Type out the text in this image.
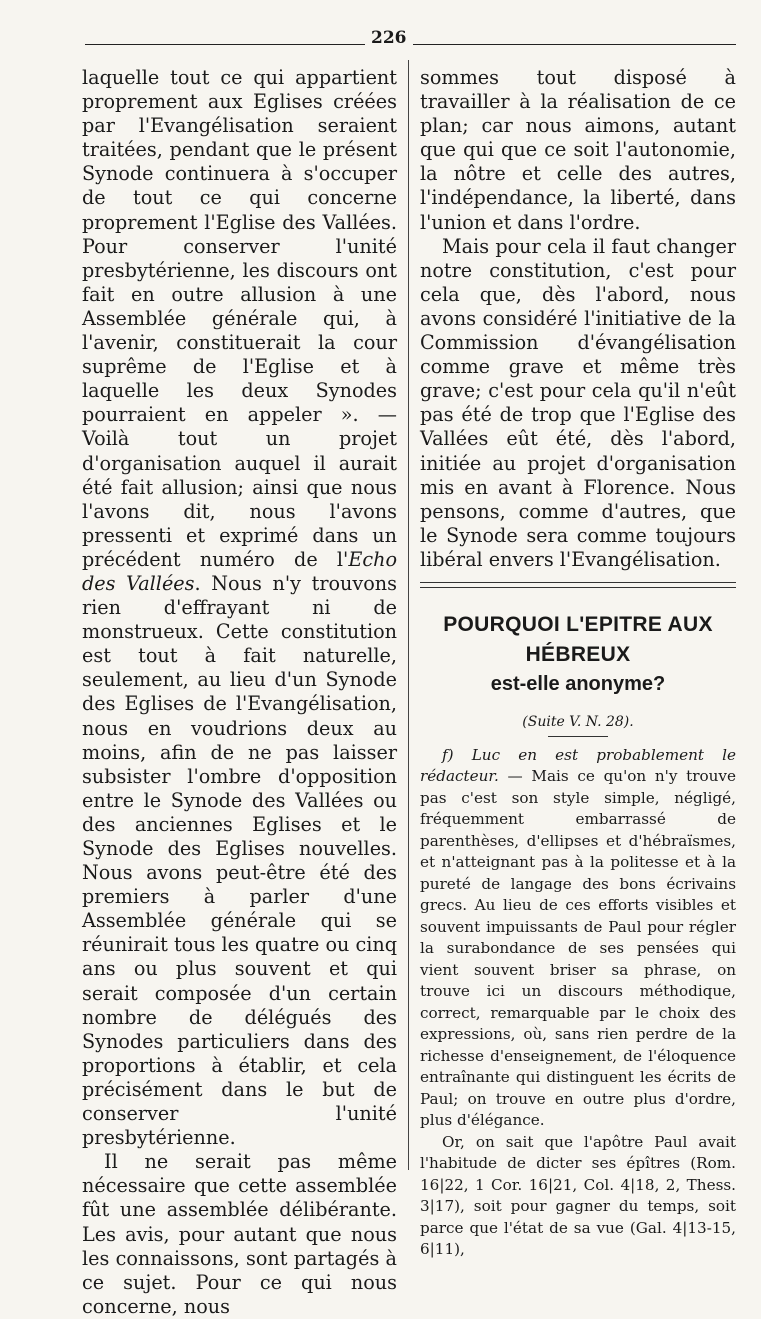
226

laquelle tout ce qui appartient proprement aux Eglises créées par l'Evangélisation seraient traitées, pendant que le présent Synode continuera à s'occuper de tout ce qui concerne proprement l'Eglise des Vallées. Pour conserver l'unité presbytérienne, les discours ont fait en outre allusion à une Assemblée générale qui, à l'avenir, constituerait la cour suprême de l'Eglise et à laquelle les deux Synodes pourraient en appeler ». — Voilà tout un projet d'organisation auquel il aurait été fait allusion; ainsi que nous l'avons dit, nous l'avons pressenti et exprimé dans un précédent numéro de l'Echo des Vallées. Nous n'y trouvons rien d'effrayant ni de monstrueux. Cette constitution est tout à fait naturelle, seulement, au lieu d'un Synode des Eglises de l'Evangélisation, nous en voudrions deux au moins, afin de ne pas laisser subsister l'ombre d'opposition entre le Synode des Vallées ou des anciennes Eglises et le Synode des Eglises nouvelles. Nous avons peut-être été des premiers à parler d'une Assemblée générale qui se réunirait tous les quatre ou cinq ans ou plus souvent et qui serait composée d'un certain nombre de délégués des Synodes particuliers dans des proportions à établir, et cela précisément dans le but de conserver l'unité presbytérienne.

Il ne serait pas même nécessaire que cette assemblée fût une assemblée délibérante. Les avis, pour autant que nous les connaissons, sont partagés à ce sujet. Pour ce qui nous concerne, nous

sommes tout disposé à travailler à la réalisation de ce plan; car nous aimons, autant que qui que ce soit l'autonomie, la nôtre et celle des autres, l'indépendance, la liberté, dans l'union et dans l'ordre.

Mais pour cela il faut changer notre constitution, c'est pour cela que, dès l'abord, nous avons considéré l'initiative de la Commission d'évangélisation comme grave et même très grave; c'est pour cela qu'il n'eût pas été de trop que l'Eglise des Vallées eût été, dès l'abord, initiée au projet d'organisation mis en avant à Florence. Nous pensons, comme d'autres, que le Synode sera comme toujours libéral envers l'Evangélisation.

POURQUOI L'EPITRE AUX HÉBREUX
est-elle anonyme?
(Suite V. N. 28).

f) Luc en est probablement le rédacteur. — Mais ce qu'on n'y trouve pas c'est son style simple, négligé, fréquemment embarrassé de parenthèses, d'ellipses et d'hébraïsmes, et n'atteignant pas à la politesse et à la pureté de langage des bons écrivains grecs. Au lieu de ces efforts visibles et souvent impuissants de Paul pour régler la surabondance de ses pensées qui vient souvent briser sa phrase, on trouve ici un discours méthodique, correct, remarquable par le choix des expressions, où, sans rien perdre de la richesse d'enseignement, de l'éloquence entraînante qui distinguent les écrits de Paul; on trouve en outre plus d'ordre, plus d'élégance.

Or, on sait que l'apôtre Paul avait l'habitude de dicter ses épîtres (Rom. 16|22, 1 Cor. 16|21, Col. 4|18, 2, Thess. 3|17), soit pour gagner du temps, soit parce que l'état de sa vue (Gal. 4|13-15, 6|11),
